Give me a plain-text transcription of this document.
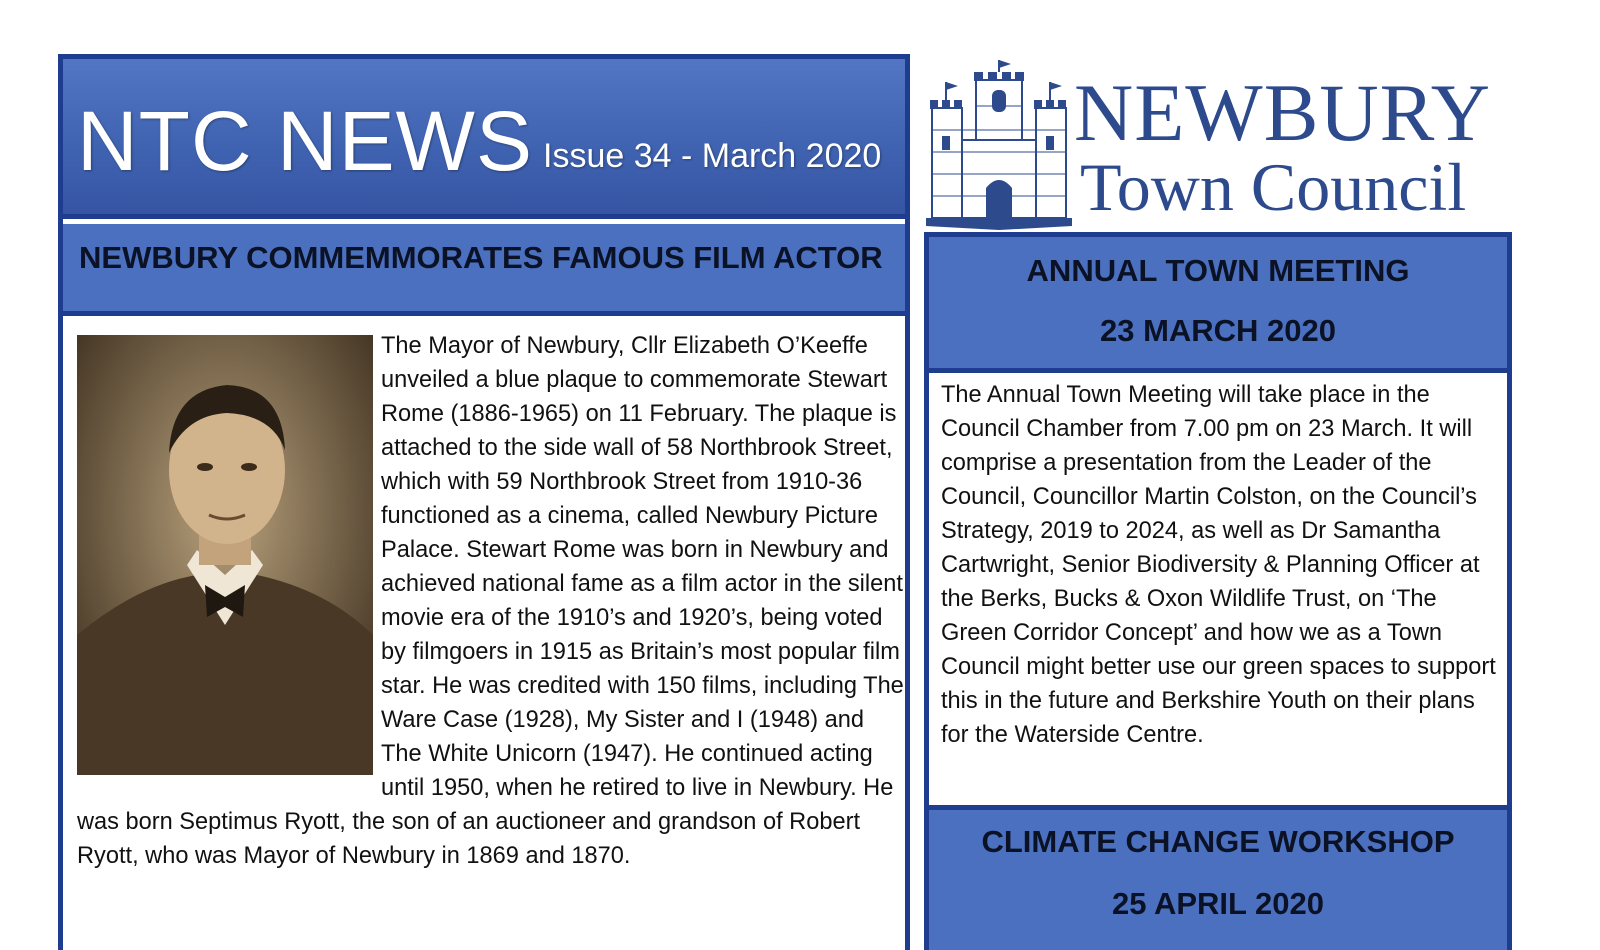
NTC NEWS Issue 34 - March 2020
NEWBURY COMMEMMORATES FAMOUS FILM ACTOR
The Mayor of Newbury, Cllr Elizabeth O’Keeffe unveiled a blue plaque to commemorate Stewart Rome (1886-1965) on 11 February. The plaque is attached to the side wall of 58 Northbrook Street, which with 59 Northbrook Street from 1910-36 functioned as a cinema, called Newbury Picture Palace. Stewart Rome was born in Newbury and achieved national fame as a film actor in the silent movie era of the 1910’s and 1920’s, being voted by filmgoers in 1915 as Britain’s most popular film star. He was credited with 150 films, including The Ware Case (1928), My Sister and I (1948) and The White Unicorn (1947). He continued acting until 1950, when he retired to live in Newbury. He was born Septimus Ryott, the son of an auctioneer and grandson of Robert Ryott, who was Mayor of Newbury in 1869 and 1870.
NEWBURY
Town Council
ANNUAL TOWN MEETING
23 MARCH 2020
The Annual Town Meeting will take place in the Council Chamber from 7.00 pm on 23 March. It will comprise a presentation from the Leader of the Council, Councillor Martin Colston, on the Council’s Strategy, 2019 to 2024, as well as Dr Samantha Cartwright, Senior Biodiversity & Planning Officer at the Berks, Bucks & Oxon Wildlife Trust, on ‘The Green Corridor Concept’ and how we as a Town Council might better use our green spaces to support this in the future and Berkshire Youth on their plans for the Waterside Centre.
CLIMATE CHANGE WORKSHOP
25 APRIL 2020
